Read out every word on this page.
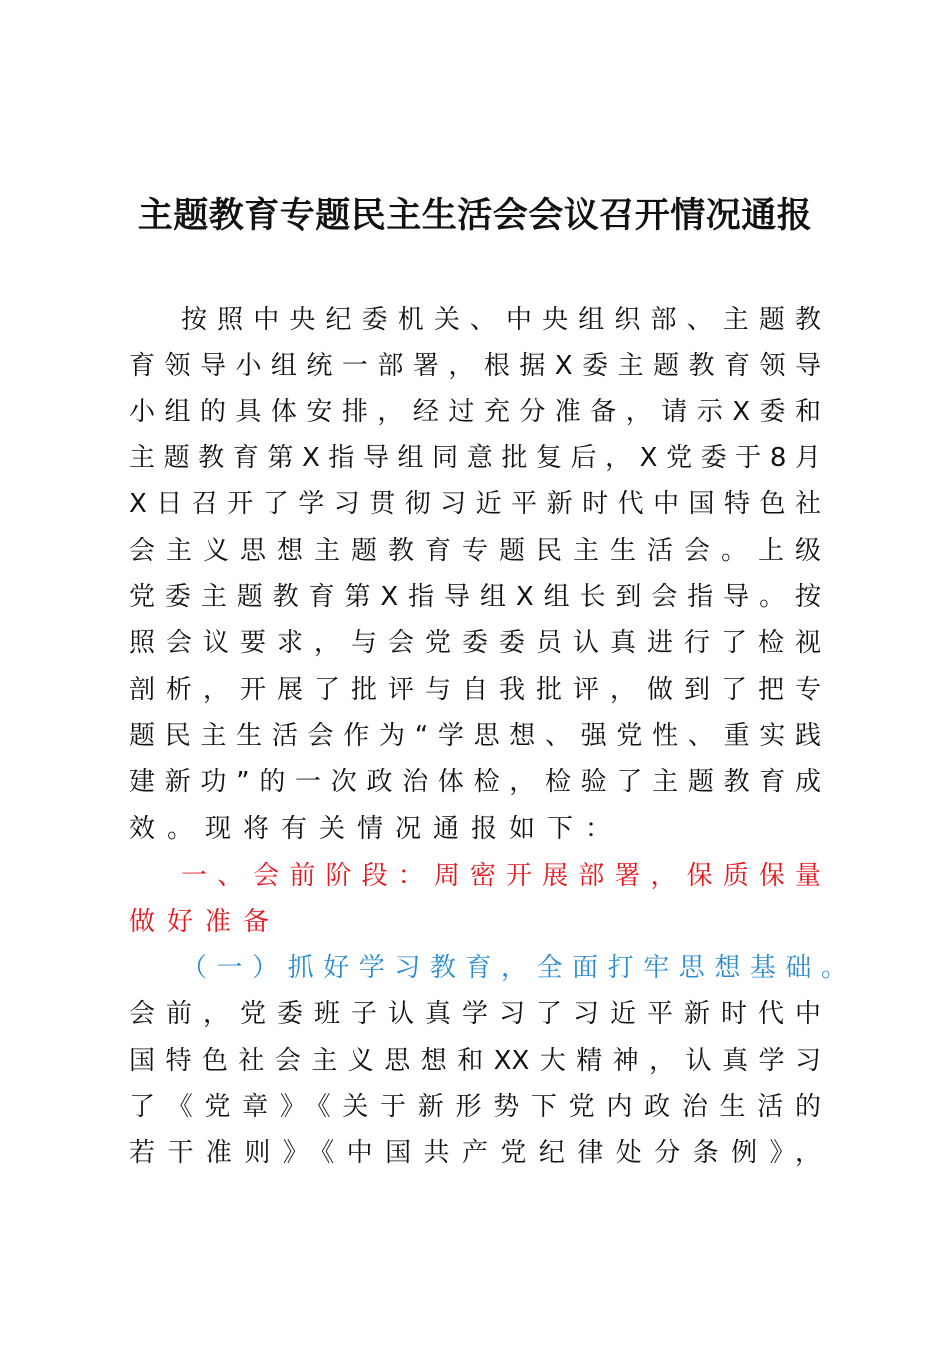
主题教育专题民主生活会会议召开情况通报
按照中央纪委机关、中央组织部、主题教
育领导小组统一部署，根据X委主题教育领导
小组的具体安排，经过充分准备，请示X委和
主题教育第X指导组同意批复后，X党委于8月
X日召开了学习贯彻习近平新时代中国特色社
会主义思想主题教育专题民主生活会。上级
党委主题教育第X指导组X组长到会指导。按
照会议要求，与会党委委员认真进行了检视
剖析，开展了批评与自我批评，做到了把专
题民主生活会作为“学思想、强党性、重实践
建新功”的一次政治体检，检验了主题教育成
效。现将有关情况通报如下：
一、会前阶段：周密开展部署，保质保量
做好准备
（一）抓好学习教育，全面打牢思想基础。
会前，党委班子认真学习了习近平新时代中
国特色社会主义思想和XX大精神，认真学习
了《党章》《关于新形势下党内政治生活的
若干准则》《中国共产党纪律处分条例》，
